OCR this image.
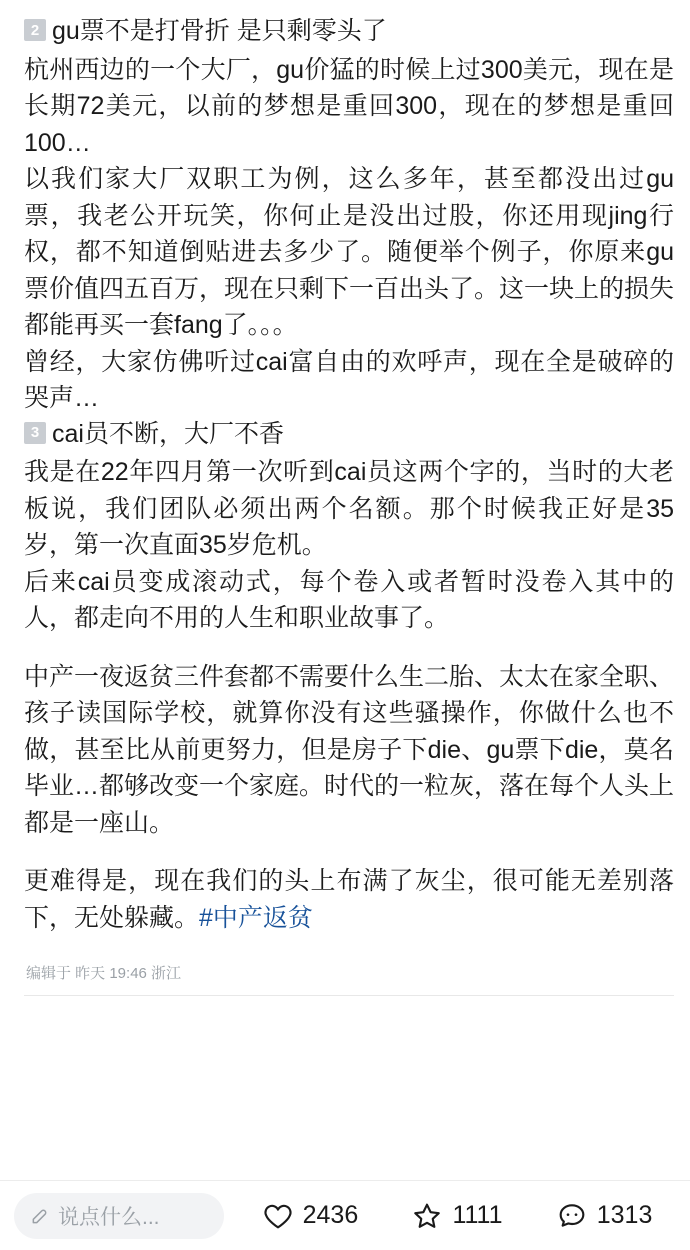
2 gu票不是打骨折 是只剩零头了

杭州西边的一个大厂，gu价猛的时候上过300美元，现在是长期72美元，以前的梦想是重回300，现在的梦想是重回100…

以我们家大厂双职工为例，这么多年，甚至都没出过gu票，我老公开玩笑，你何止是没出过股，你还用现jing行权，都不知道倒贴进去多少了。随便举个例子，你原来gu票价值四五百万，现在只剩下一百出头了。这一块上的损失都能再买一套fang了。。。

曾经，大家仿佛听过cai富自由的欢呼声，现在全是破碎的哭声…

3 cai员不断，大厂不香

我是在22年四月第一次听到cai员这两个字的，当时的大老板说，我们团队必须出两个名额。那个时候我正好是35岁，第一次直面35岁危机。

后来cai员变成滚动式，每个卷入或者暂时没卷入其中的人，都走向不用的人生和职业故事了。

中产一夜返贫三件套都不需要什么生二胎、太太在家全职、孩子读国际学校，就算你没有这些骚操作，你做什么也不做，甚至比从前更努力，但是房子下die、gu票下die，莫名毕业…都够改变一个家庭。时代的一粒灰，落在每个人头上都是一座山。

更难得是，现在我们的头上布满了灰尘，很可能无差别落下，无处躲藏。#中产返贫

编辑于 昨天 19:46 浙江
说点什么...	2436	1111	1313
